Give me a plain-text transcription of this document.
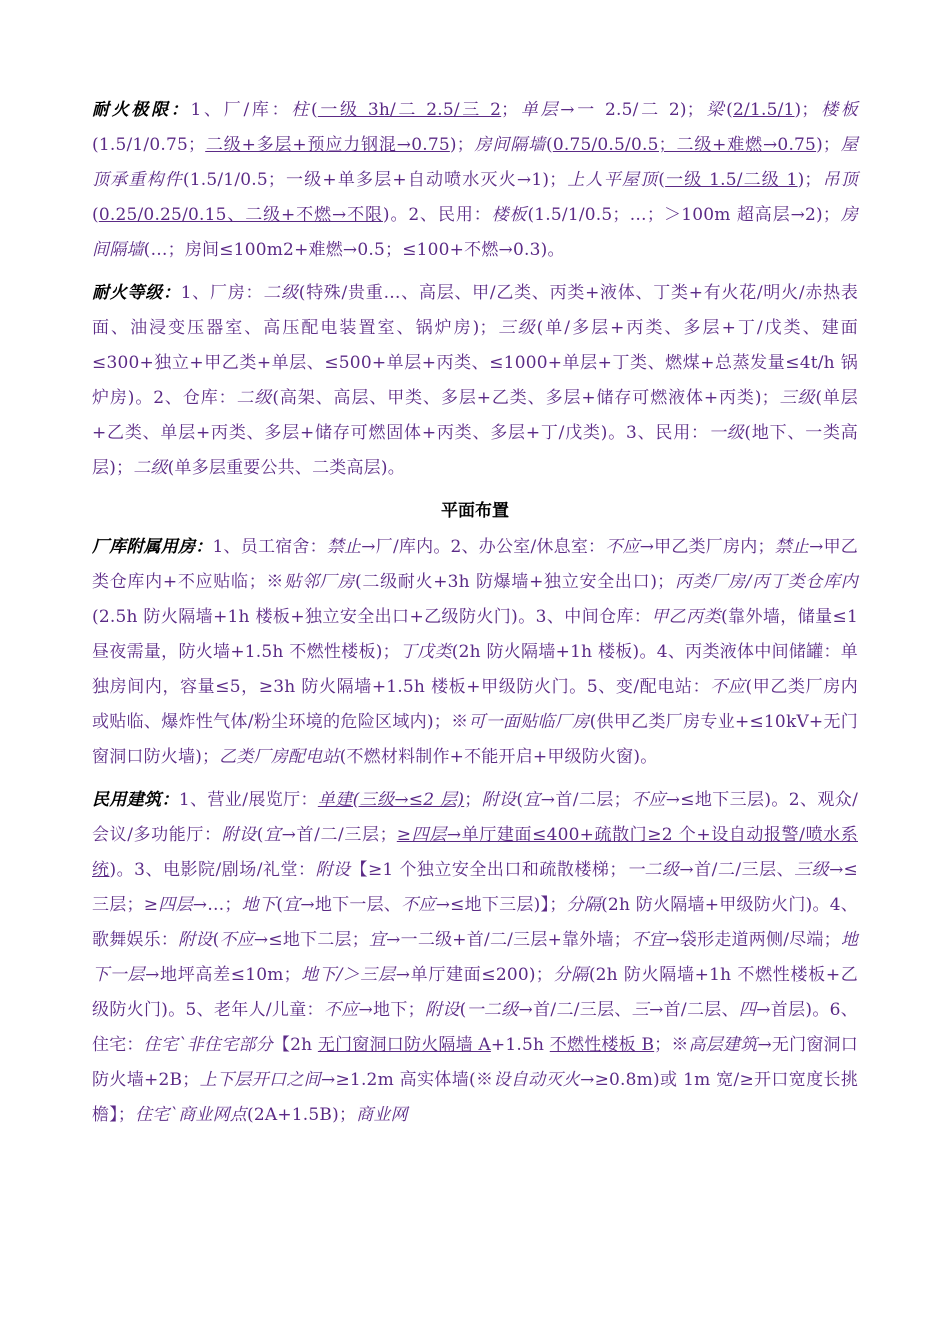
耐火极限：1、厂/库：柱(一级 3h/二 2.5/三 2；单层→一 2.5/二 2)；梁(2/1.5/1)；楼板(1.5/1/0.75；二级+多层+预应力钢混→0.75)；房间隔墙(0.75/0.5/0.5；二级+难燃→0.75)；屋顶承重构件(1.5/1/0.5；一级+单多层+自动喷水灭火→1)；上人平屋顶(一级 1.5/二级 1)；吊顶(0.25/0.25/0.15、二级+不燃→不限)。2、民用：楼板(1.5/1/0.5；…；＞100m 超高层→2)；房间隔墙(…；房间≤100m2+难燃→0.5；≤100+不燃→0.3)。

耐火等级：1、厂房：二级(特殊/贵重…、高层、甲/乙类、丙类+液体、丁类+有火花/明火/赤热表面、油浸变压器室、高压配电装置室、锅炉房)；三级(单/多层+丙类、多层+丁/戊类、建面≤300+独立+甲乙类+单层、≤500+单层+丙类、≤1000+单层+丁类、燃煤+总蒸发量≤4t/h 锅炉房)。2、仓库：二级(高架、高层、甲类、多层+乙类、多层+储存可燃液体+丙类)；三级(单层+乙类、单层+丙类、多层+储存可燃固体+丙类、多层+丁/戊类)。3、民用：一级(地下、一类高层)；二级(单多层重要公共、二类高层)。

平面布置

厂库附属用房：1、员工宿舍：禁止→厂/库内。2、办公室/休息室：不应→甲乙类厂房内；禁止→甲乙类仓库内+不应贴临；※贴邻厂房(二级耐火+3h 防爆墙+独立安全出口)；丙类厂房/丙丁类仓库内(2.5h 防火隔墙+1h 楼板+独立安全出口+乙级防火门)。3、中间仓库：甲乙丙类(靠外墙，储量≤1 昼夜需量，防火墙+1.5h 不燃性楼板)；丁戊类(2h 防火隔墙+1h 楼板)。4、丙类液体中间储罐：单独房间内，容量≤5，≥3h 防火隔墙+1.5h 楼板+甲级防火门。5、变/配电站：不应(甲乙类厂房内或贴临、爆炸性气体/粉尘环境的危险区域内)；※可一面贴临厂房(供甲乙类厂房专业+≤10kV+无门窗洞口防火墙)；乙类厂房配电站(不燃材料制作+不能开启+甲级防火窗)。

民用建筑：1、营业/展览厅：单建(三级→≤2 层)；附设(宜→首/二层；不应→≤地下三层)。2、观众/会议/多功能厅：附设(宜→首/二/三层；≥四层→单厅建面≤400+疏散门≥2 个+设自动报警/喷水系统)。3、电影院/剧场/礼堂：附设【≥1 个独立安全出口和疏散楼梯；一二级→首/二/三层、三级→≤三层；≥四层→…；地下(宜→地下一层、不应→≤地下三层)】；分隔(2h 防火隔墙+甲级防火门)。4、歌舞娱乐：附设(不应→≤地下二层；宜→一二级+首/二/三层+靠外墙；不宜→袋形走道两侧/尽端；地下一层→地坪高差≤10m；地下/＞三层→单厅建面≤200)；分隔(2h 防火隔墙+1h 不燃性楼板+乙级防火门)。5、老年人/儿童：不应→地下；附设(一二级→首/二/三层、三→首/二层、四→首层)。6、住宅：住宅`非住宅部分【2h 无门窗洞口防火隔墙 A+1.5h 不燃性楼板 B；※高层建筑→无门窗洞口防火墙+2B；上下层开口之间→≥1.2m 高实体墙(※设自动灭火→≥0.8m)或 1m 宽/≥开口宽度长挑檐】；住宅`商业网点(2A+1.5B)；商业网
